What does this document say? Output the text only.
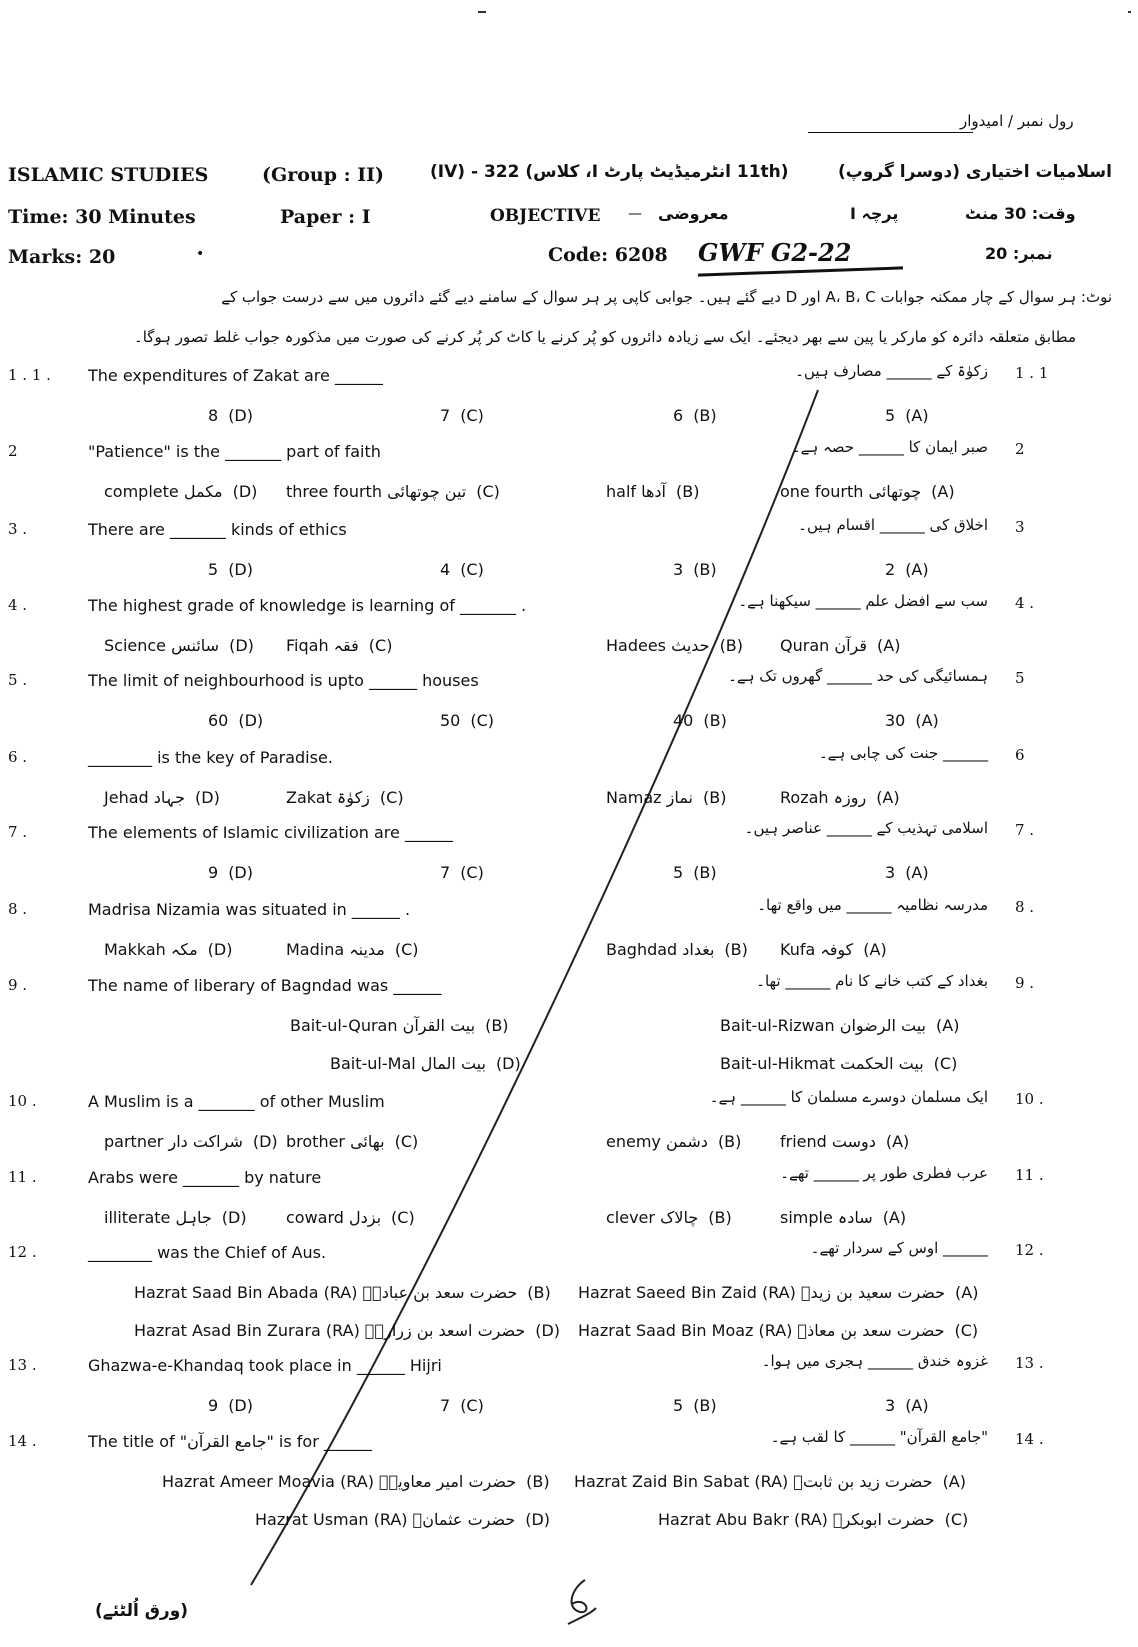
رول نمبر / امیدوار
ISLAMIC STUDIES	(Group : II)	(11th انٹرمیڈیٹ پارٹ I، کلاس) 322 - (IV)	اسلامیات اختیاری (دوسرا گروپ)
Time: 30 Minutes	Paper : I	OBJECTIVE — معروضی	پرچہ I	وقت: 30 منٹ
Marks: 20	•	Code: 6208 GWF G2-22	نمبر: 20
نوٹ: ہر سوال کے چار ممکنہ جوابات A، B، C اور D دیے گئے ہیں۔ جوابی کاپی پر ہر سوال کے سامنے دیے گئے دائروں میں سے درست جواب کے
مطابق متعلقہ دائرہ کو مارکر یا پین سے بھر دیجئے۔ ایک سے زیادہ دائروں کو پُر کرنے یا کاٹ کر پُر کرنے کی صورت میں مذکورہ جواب غلط تصور ہوگا۔
1 . 1 . The expenditures of Zakat are ______	زکوٰۃ کے ______ مصارف ہیں۔ 1 . 1
5 (A)
6 (B)
7 (C)
8 (D)
2	"Patience" is the _______ part of faith	صبر ایمان کا ______ حصہ ہے۔ 2
one fourth چوتھائی (A)
half آدھا (B)
three fourth تین چوتھائی (C)
complete مکمل (D)
3 .	There are _______ kinds of ethics	اخلاق کی ______ اقسام ہیں۔ 3
2 (A)
3 (B)
4 (C)
5 (D)
4 .	The highest grade of knowledge is learning of _______ .	سب سے افضل علم ______ سیکھنا ہے۔ 4 .
Quran قرآن (A)
Hadees حدیث (B)
Fiqah فقہ (C)
Science سائنس (D)
5 .	The limit of neighbourhood is upto ______ houses	ہمسائیگی کی حد ______ گھروں تک ہے۔ 5
30 (A)
40 (B)
50 (C)
60 (D)
6 .	________ is the key of Paradise.	______ جنت کی چابی ہے۔ 6
Rozah روزہ (A)
Namaz نماز (B)
Zakat زکوٰۃ (C)
Jehad جہاد (D)
7 .	The elements of Islamic civilization are ______	اسلامی تہذیب کے ______ عناصر ہیں۔ 7 .
3 (A)
5 (B)
7 (C)
9 (D)
8 .	Madrisa Nizamia was situated in ______ .	مدرسہ نظامیہ ______ میں واقع تھا۔ 8 .
Kufa کوفہ (A)
Baghdad بغداد (B)
Madina مدینہ (C)
Makkah مکہ (D)
9 .	The name of liberary of Bagndad was ______	بغداد کے کتب خانے کا نام ______ تھا۔ 9 .
Bait-ul-Rizwan بیت الرضوان (A)
Bait-ul-Quran بیت القرآن (B)
Bait-ul-Hikmat بیت الحکمت (C)
Bait-ul-Mal بیت المال (D)
10 .	A Muslim is a _______ of other Muslim	ایک مسلمان دوسرے مسلمان کا ______ ہے۔ 10 .
friend دوست (A)
enemy دشمن (B)
brother بھائی (C)
partner شراکت دار (D)
11 .	Arabs were _______ by nature	عرب فطری طور پر ______ تھے۔ 11 .
simple سادہ (A)
clever چالاک (B)
coward بزدل (C)
illiterate جاہل (D)
12 .	________ was the Chief of Aus.	______ اوس کے سردار تھے۔ 12 .
Hazrat Saeed Bin Zaid (RA) حضرت سعید بن زیدؓ (A)
Hazrat Saad Bin Abada (RA) حضرت سعد بن عبادہؓ (B)
Hazrat Saad Bin Moaz (RA) حضرت سعد بن معاذؓ (C)
Hazrat Asad Bin Zurara (RA) حضرت اسعد بن زرارہؓ (D)
13 .	Ghazwa-e-Khandaq took place in ______ Hijri	غزوہ خندق ______ ہجری میں ہوا۔ 13 .
3 (A)
5 (B)
7 (C)
9 (D)
14 .	The title of "جامع القرآن" is for ______	"جامع القرآن" ______ کا لقب ہے۔ 14 .
Hazrat Zaid Bin Sabat (RA) حضرت زید بن ثابتؓ (A)
Hazrat Ameer Moavia (RA) حضرت امیر معاویہؓ (B)
Hazrat Abu Bakr (RA) حضرت ابوبکرؓ (C)
Hazrat Usman (RA) حضرت عثمانؓ (D)
(ورق اُلٹئے)
